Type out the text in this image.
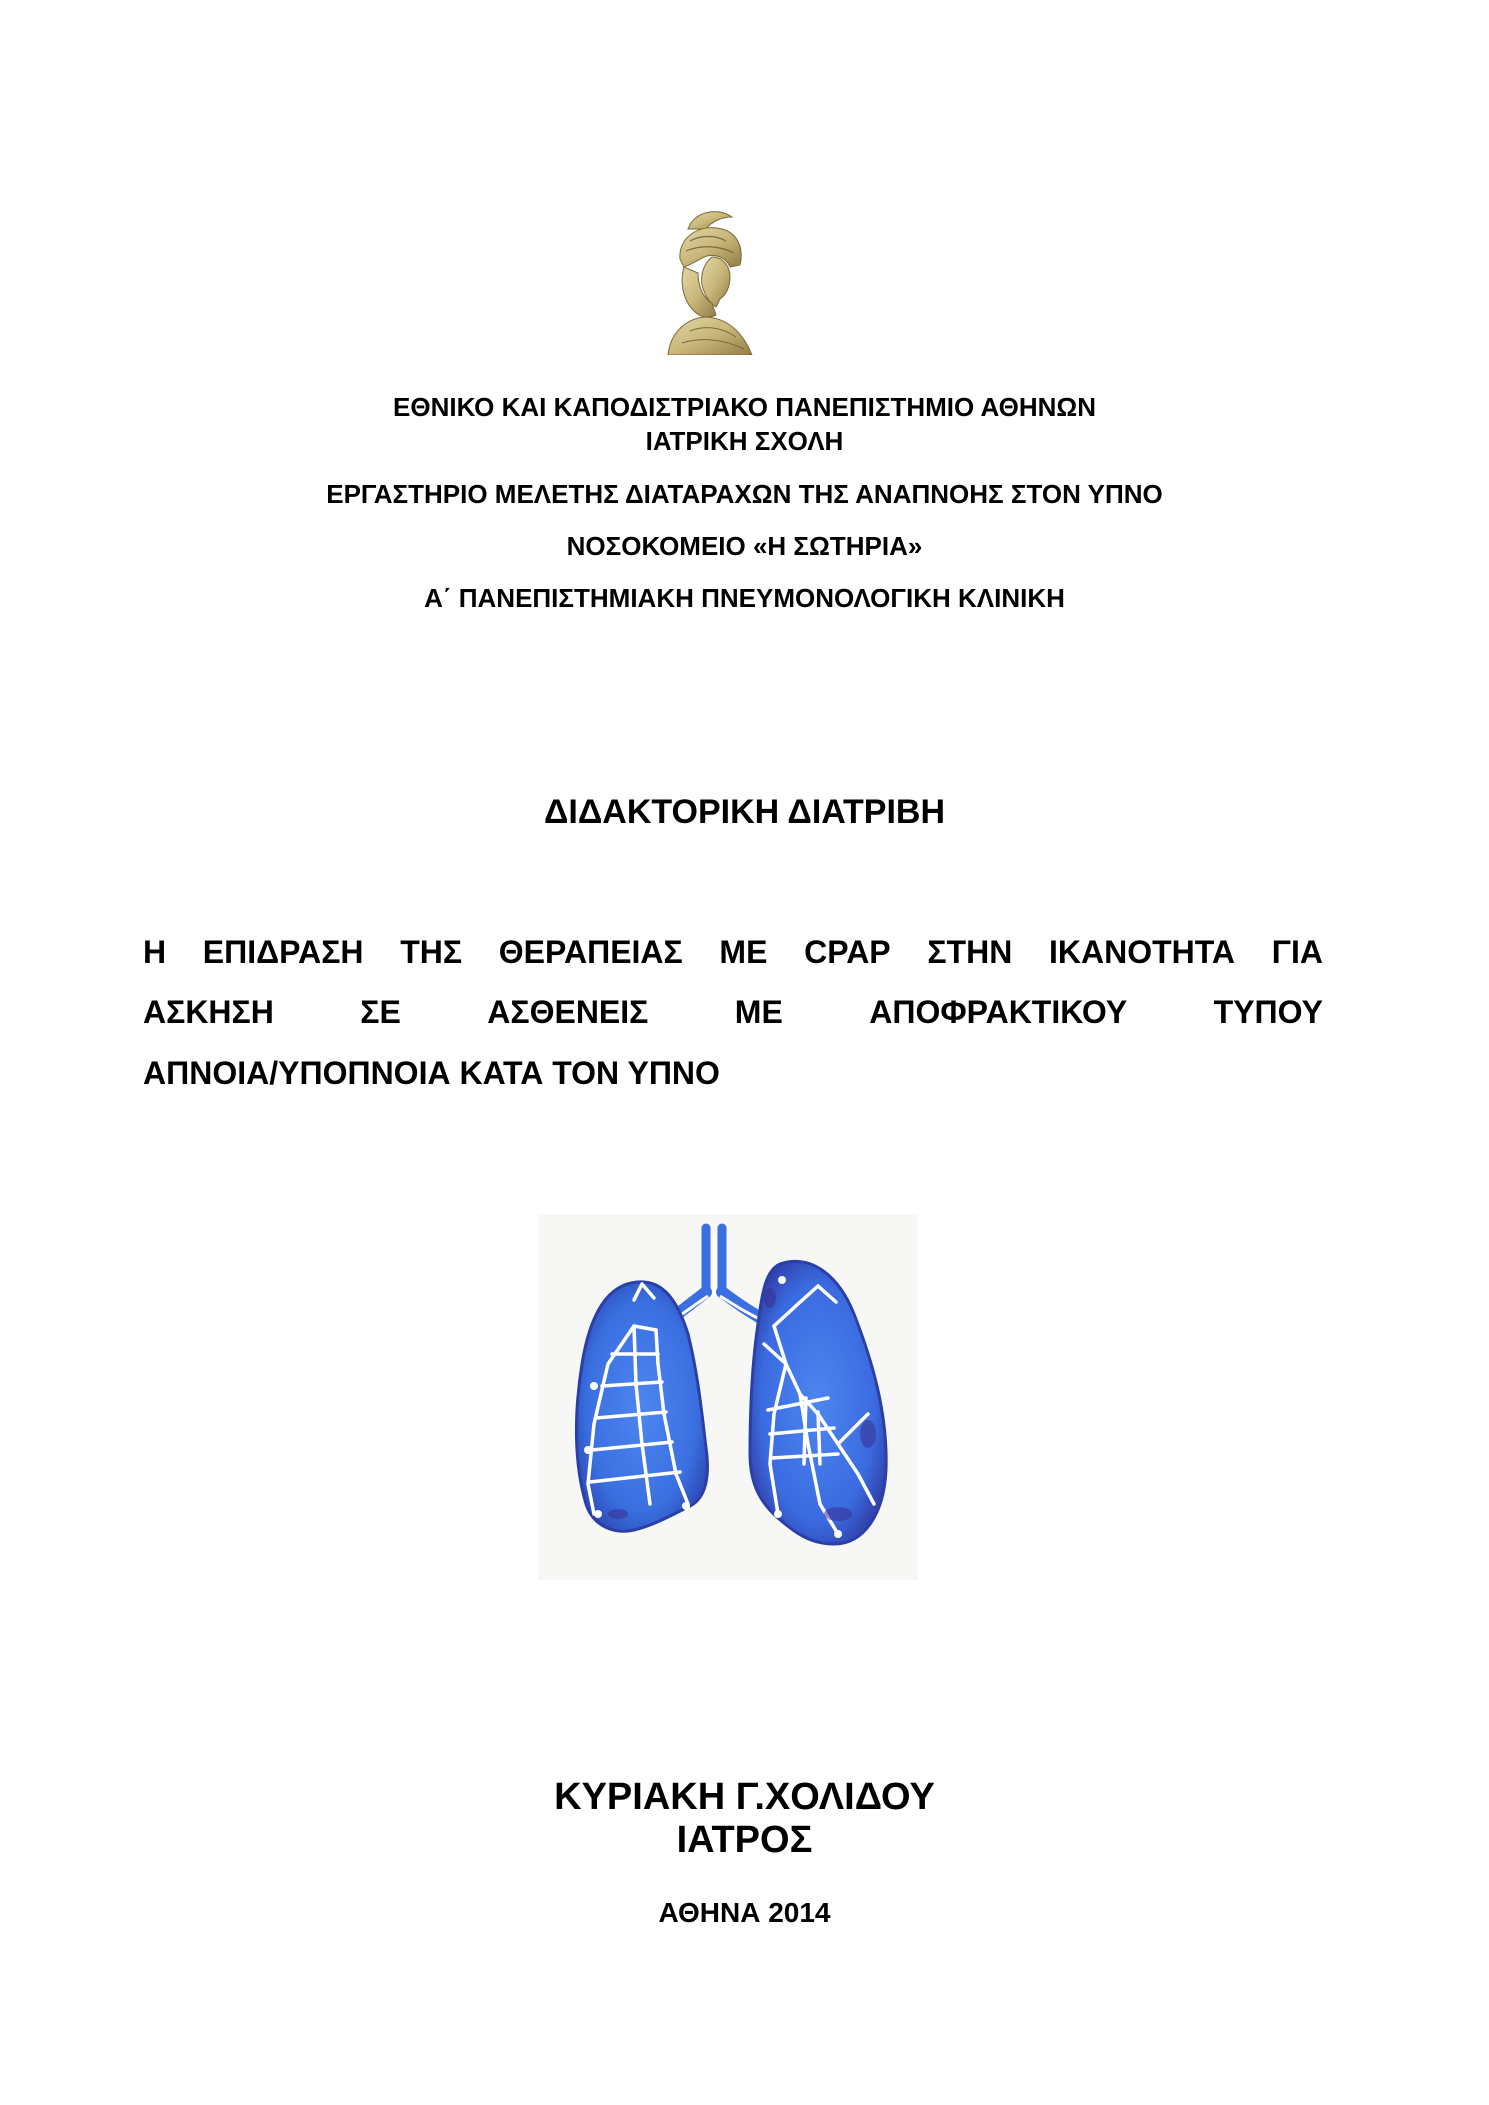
ΕΘΝΙΚΟ ΚΑΙ ΚΑΠΟΔΙΣΤΡΙΑΚΟ ΠΑΝΕΠΙΣΤΗΜΙΟ ΑΘΗΝΩΝ
ΙΑΤΡΙΚΗ ΣΧΟΛΗ
ΕΡΓΑΣΤΗΡΙΟ ΜΕΛΕΤΗΣ ΔΙΑΤΑΡΑΧΩΝ ΤΗΣ ΑΝΑΠΝΟΗΣ ΣΤΟΝ ΥΠΝΟ
ΝΟΣΟΚΟΜΕΙΟ «Η ΣΩΤΗΡΙΑ»
Α΄ ΠΑΝΕΠΙΣΤΗΜΙΑΚΗ ΠΝΕΥΜΟΝΟΛΟΓΙΚΗ ΚΛΙΝΙΚΗ
ΔΙΔΑΚΤΟΡΙΚΗ ΔΙΑΤΡΙΒΗ
Η ΕΠΙΔΡΑΣΗ ΤΗΣ ΘΕΡΑΠΕΙΑΣ ΜΕ CPAP ΣΤΗΝ ΙΚΑΝΟΤΗΤΑ ΓΙΑ
ΑΣΚΗΣΗ	ΣΕ	ΑΣΘΕΝΕΙΣ	ΜΕ	ΑΠΟΦΡΑΚΤΙΚΟΥ	ΤΥΠΟΥ
ΑΠΝΟΙΑ/ΥΠΟΠΝΟΙΑ ΚΑΤΑ ΤΟΝ ΥΠΝΟ
ΚΥΡΙΑΚΗ Γ.ΧΟΛΙΔΟΥ
ΙΑΤΡΟΣ
ΑΘΗΝΑ 2014
